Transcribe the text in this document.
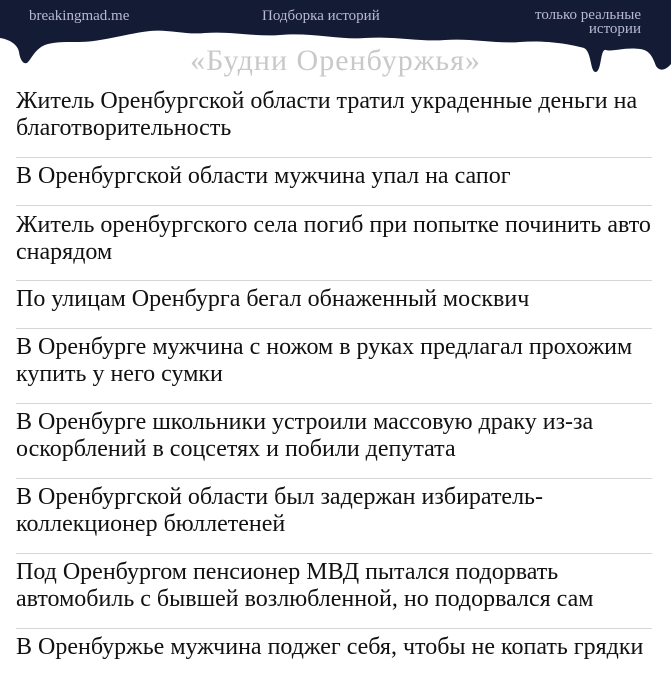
breakingmad.me	Подборка историй	только реальные
истории
«Будни Оренбуржья»
Житель Оренбургской области тратил украденные деньги на благотворительность
В Оренбургской области мужчина упал на сапог
Житель оренбургского села погиб при попытке починить авто снарядом
По улицам Оренбурга бегал обнаженный москвич
В Оренбурге мужчина с ножом в руках предлагал прохожим купить у него сумки
В Оренбурге школьники устроили массовую драку из-за оскорблений в соцсетях и побили депутата
В Оренбургской области был задержан избиратель-коллекционер бюллетеней
Под Оренбургом пенсионер МВД пытался подорвать автомобиль с бывшей возлюбленной, но подорвался сам
В Оренбуржье мужчина поджег себя, чтобы не копать грядки
